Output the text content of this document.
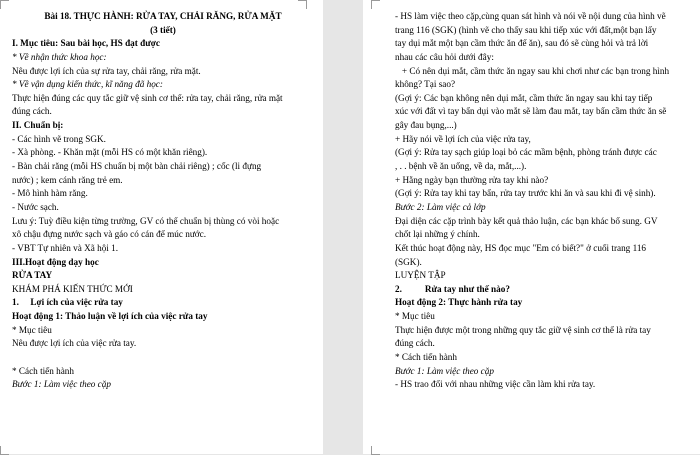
Bài 18. THỰC HÀNH: RỬA TAY, CHẢI RĂNG, RỬA MẶT
(3 tiết)
I. Mục tiêu: Sau bài học, HS đạt được
* Về nhận thức khoa học:
Nêu được lợi ích của sự rửa tay, chải răng, rửa mặt.
* Về vận dụng kiến thức, kĩ năng đã học:
Thực hiện đúng các quy tắc giữ vệ sinh cơ thể: rửa tay, chải răng, rửa mặt
đúng cách.
II. Chuẩn bị:
- Các hình vẽ trong SGK.
- Xà phòng. - Khăn mặt (mỗi HS có một khăn riêng).
- Bàn chải răng (mỗi HS chuẩn bị một bàn chải riêng) ; cốc (li đựng
nước) ; kem cánh răng trẻ em.
- Mô hình hàm răng.
- Nước sạch.
Lưu ý: Tuỳ điều kiện từng trường, GV có thể chuẩn bị thùng có vòi hoặc
xô chậu đựng nước sạch và gáo có cán để múc nước.
- VBT Tự nhiên và Xã hội 1.
III.Hoạt động dạy học
RỬA TAY
KHÁM PHÁ KIẾN THỨC MỚI
1.     Lợi ích của việc rửa tay
Hoạt động 1: Thảo luận về lợi ích của việc rửa tay
* Mục tiêu
Nêu được lợi ích của việc rửa tay.
* Cách tiến hành
Bước 1: Làm việc theo cặp
- HS làm việc theo cặp,cùng quan sát hình và nói về nội dung của hình vẽ
trang 116 (SGK) (hình vẽ cho thấy sau khi tiếp xúc với đất,một bạn lấy
tay dụi mắt một bạn cầm thức ăn để ăn), sau đó sẽ cùng hỏi và trả lời
nhau các câu hỏi dưới đây:
+ Có nên dụi mắt, cầm thức ăn ngay sau khi chơi như các bạn trong hình
không? Tại sao?
(Gợi ý: Các bạn không nên dụi mắt, cầm thức ăn ngay sau khi tay tiếp
xúc với đất vì tay bẩn dụi vào mắt sẽ làm đau mắt, tay bẩn cầm thức ăn sẽ
gây đau bụng,...)
+ Hãy nói về lợi ích của việc rửa tay,
(Gợi ý: Rửa tay sạch giúp loại bỏ các mầm bệnh, phòng tránh được các
, . . bệnh về ăn uống, về da, mắt,...).
+ Hằng ngày bạn thường rửa tay khi nào?
(Gợi ý: Rửa tay khi tay bẩn, rửa tay trước khi ăn và sau khi đi vệ sinh).
Bước 2: Làm việc cả lớp
Đại diện các cặp trình bày kết quả thảo luận, các bạn khác bổ sung. GV
chốt lại những ý chính.
Kết thúc hoạt động này, HS đọc mục "Em có biết?" ở cuối trang 116
(SGK).
LUYỆN TẬP
2.          Rửa tay như thế nào?
Hoạt động 2: Thực hành rửa tay
* Mục tiêu
Thực hiện được một trong những quy tắc giữ vệ sinh cơ thể là rửa tay
đúng cách.
* Cách tiến hành
Bước 1: Làm việc theo cặp
- HS trao đổi với nhau những việc cần làm khi rửa tay.
